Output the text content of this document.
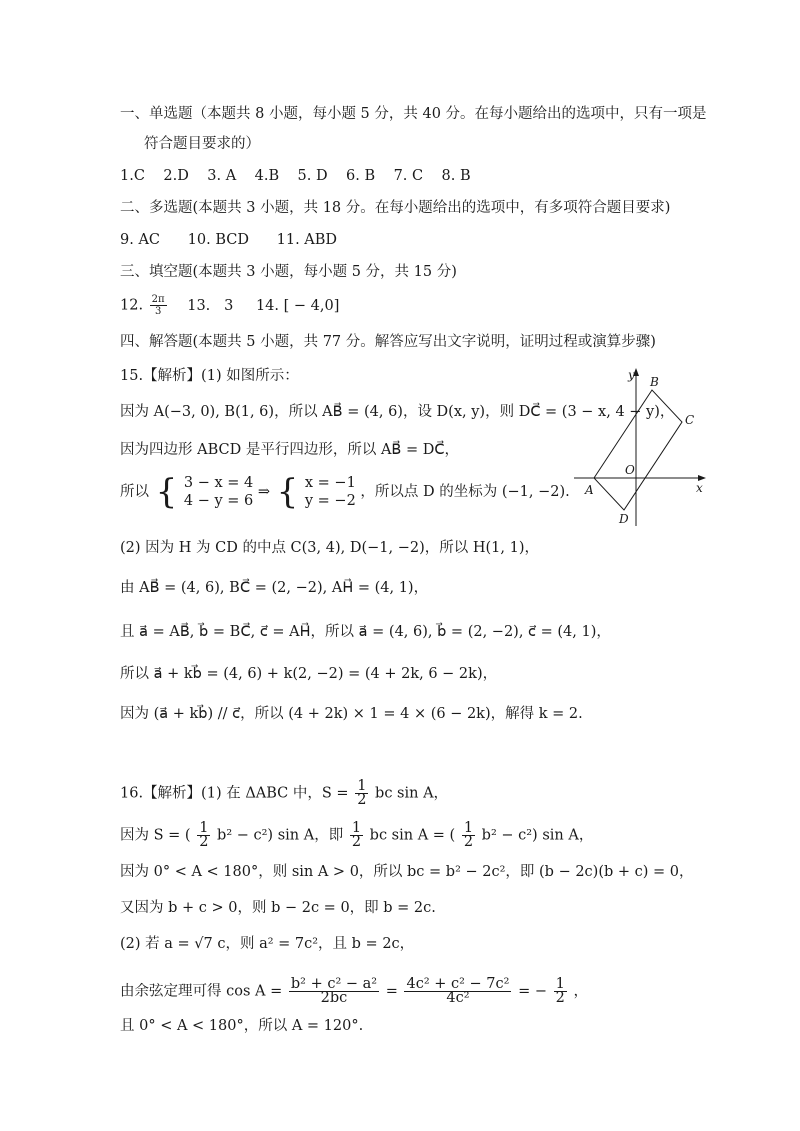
一、单选题（本题共 8 小题，每小题 5 分，共 40 分。在每小题给出的选项中，只有一项是
符合题目要求的）
1.C    2.D    3. A    4.B    5. D    6. B    7. C    8. B
二、多选题(本题共 3 小题，共 18 分。在每小题给出的选项中，有多项符合题目要求)
9. AC      10. BCD      11. ABD
三、填空题(本题共 3 小题，每小题 5 分，共 15 分)
12. $\frac{2\pi}{3} 13$.   3 14. [ − 4,0]
四、解答题(本题共 5 小题，共 77 分。解答应写出文字说明，证明过程或演算步骤)
15.【解析】(1) 如图所示：
因为 A(−3, 0), B(1, 6)，所以 AB⃗ = (4, 6)，设 D(x, y)，则 DC⃗ = (3 − x, 4 − y)，
因为四边形 ABCD 是平行四边形，所以 AB⃗ = DC⃗，
所以 { 3 − x = 4
4 − y = 6
⇒ { x = −1
y = −2
，所以点 D 的坐标为 (−1, −2).
(2) 因为 H 为 CD 的中点 C(3, 4), D(−1, −2)，所以 H(1, 1)，
由 AB⃗ = (4, 6), BC⃗ = (2, −2), AH⃗ = (4, 1)，
且 a⃗ = AB⃗, b⃗ = BC⃗, c⃗ = AH⃗，所以 a⃗ = (4, 6), b⃗ = (2, −2), c⃗ = (4, 1)，
所以 a⃗ + kb⃗ = (4, 6) + k(2, −2) = (4 + 2k, 6 − 2k)，
因为 (a⃗ + kb⃗) // c⃗，所以 (4 + 2k) × 1 = 4 × (6 − 2k)，解得 k = 2.
y
x
O
A
B
C
D
16.【解析】(1) 在 ΔABC 中，$S = \frac{1}{2}$ bc sin A，
因为 S = ( $\frac{1}{2} b^2 - c^2$) sin A，即 $\frac{1}{2}$ bc sin A = ( $\frac{1}{2} b^2 - c^2$) sin A，
因为 0° < A < 180°，则 sin A > 0，所以 bc = b² − 2c²，即 (b − 2c)(b + c) = 0，
又因为 b + c > 0，则 b − 2c = 0，即 b = 2c.
(2) 若 a = √7 c，则 a² = 7c²，且 b = 2c，
由余弦定理可得 $\cos A = \frac{\text{b² + c² − a²}}{2bc} = \frac{\text{4c² + c² − 7c²}}{\text{4c²}}$ = − $\frac{1}{2}$ ，
且 0° < A < 180°，所以 A = 120°.
